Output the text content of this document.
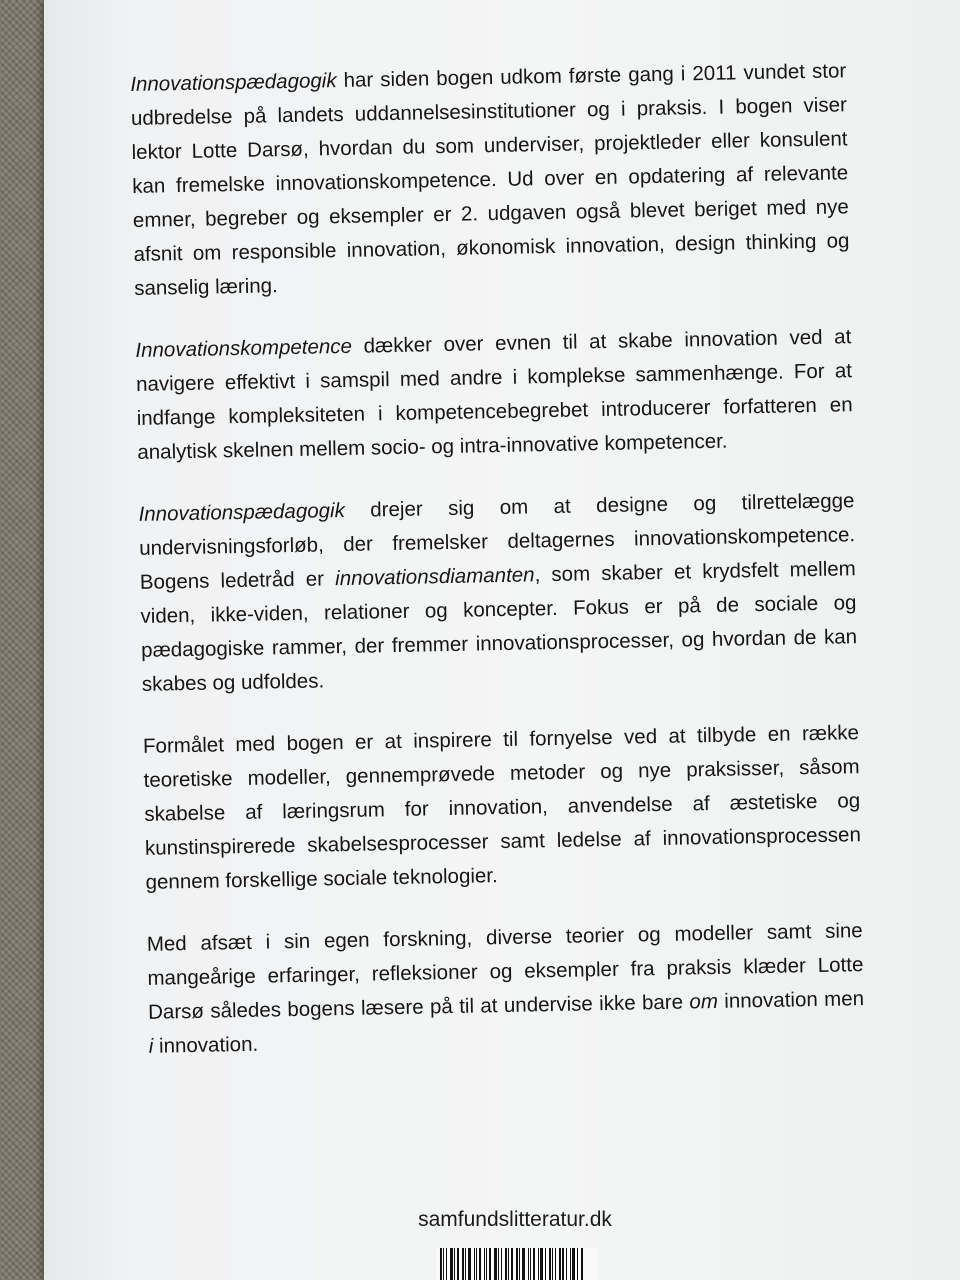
Innovationspædagogik har siden bogen udkom første gang i 2011 vundet stor udbredelse på landets uddannelsesinstitutioner og i praksis. I bogen viser lektor Lotte Darsø, hvordan du som underviser, projektleder eller konsulent kan fremelske innovationskompetence. Ud over en opdatering af relevante emner, begreber og eksempler er 2. udgaven også blevet beriget med nye afsnit om responsible innovation, økonomisk innovation, design thinking og sanselig læring.

Innovationskompetence dækker over evnen til at skabe innovation ved at navigere effektivt i samspil med andre i komplekse sammenhænge. For at indfange kompleksiteten i kompetencebegrebet introducerer forfatteren en analytisk skelnen mellem socio- og intra-innovative kompetencer.

Innovationspædagogik drejer sig om at designe og tilrettelægge undervisningsforløb, der fremelsker deltagernes innovationskompetence. Bogens ledetråd er innovationsdiamanten, som skaber et krydsfelt mellem viden, ikke-viden, relationer og koncepter. Fokus er på de sociale og pædagogiske rammer, der fremmer innovationsprocesser, og hvordan de kan skabes og udfoldes.

Formålet med bogen er at inspirere til fornyelse ved at tilbyde en række teoretiske modeller, gennemprøvede metoder og nye praksisser, såsom skabelse af læringsrum for innovation, anvendelse af æstetiske og kunstinspirerede skabelsesprocesser samt ledelse af innovationsprocessen gennem forskellige sociale teknologier.

Med afsæt i sin egen forskning, diverse teorier og modeller samt sine mangeårige erfaringer, refleksioner og eksempler fra praksis klæder Lotte Darsø således bogens læsere på til at undervise ikke bare om innovation men i innovation.

samfundslitteratur.dk
